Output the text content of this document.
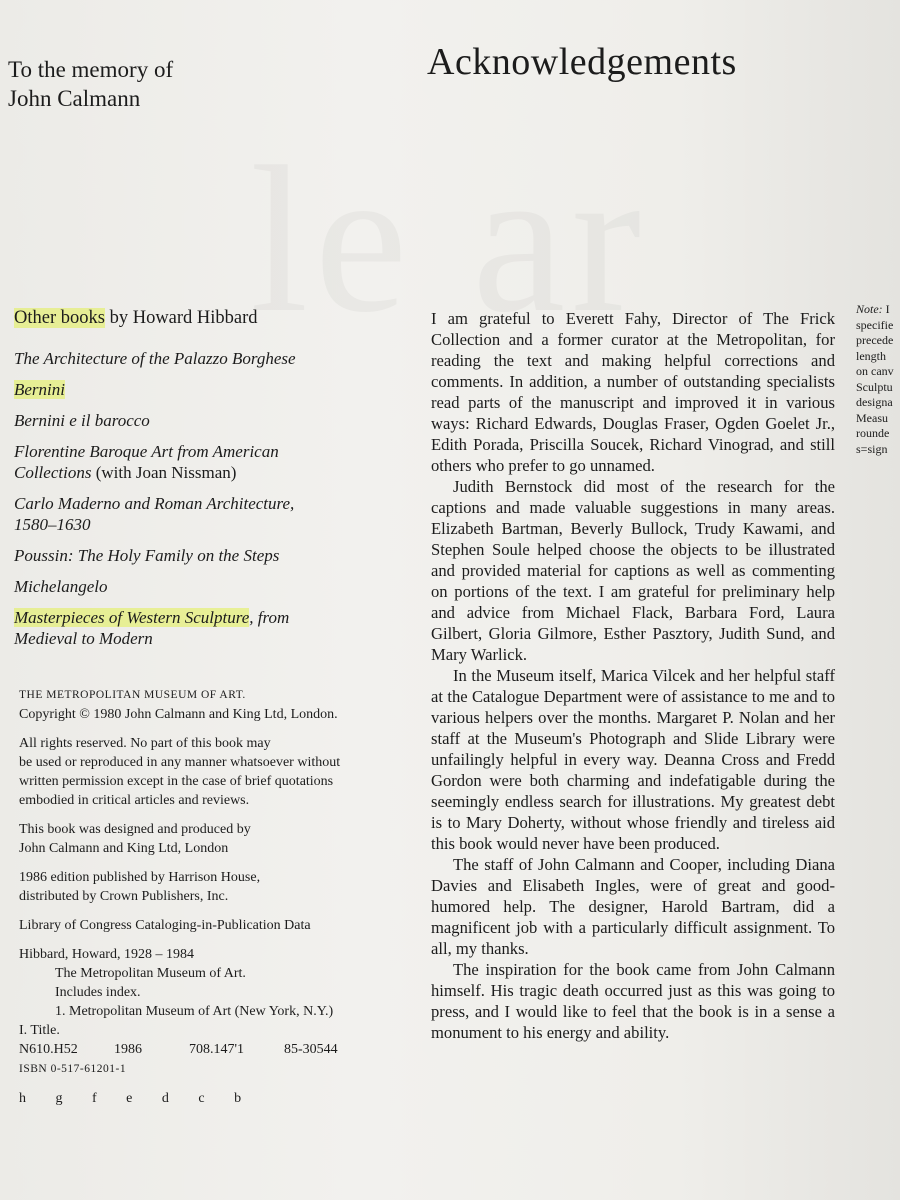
To the memory of
John Calmann
Acknowledgements
Other books by Howard Hibbard
The Architecture of the Palazzo Borghese
Bernini
Bernini e il barocco
Florentine Baroque Art from American
Collections (with Joan Nissman)
Carlo Maderno and Roman Architecture,
1580–1630
Poussin: The Holy Family on the Steps
Michelangelo
Masterpieces of Western Sculpture, from
Medieval to Modern

THE METROPOLITAN MUSEUM OF ART.
Copyright © 1980 John Calmann and King Ltd, London.

All rights reserved. No part of this book may
be used or reproduced in any manner whatsoever without
written permission except in the case of brief quotations
embodied in critical articles and reviews.

This book was designed and produced by
John Calmann and King Ltd, London

1986 edition published by Harrison House,
distributed by Crown Publishers, Inc.

Library of Congress Cataloging-in-Publication Data

Hibbard, Howard, 1928 – 1984
The Metropolitan Museum of Art.
Includes index.
1. Metropolitan Museum of Art (New York, N.Y.)
I. Title.
N610.H52	1986	708.147'1	85-30544
ISBN 0-517-61201-1

h g f e d c b

I am grateful to Everett Fahy, Director of The Frick Collection and a former curator at the Metropolitan, for reading the text and making helpful corrections and comments. In addition, a number of outstanding specialists read parts of the manuscript and improved it in various ways: Richard Edwards, Douglas Fraser, Ogden Goelet Jr., Edith Porada, Priscilla Soucek, Richard Vinograd, and still others who prefer to go unnamed.

Judith Bernstock did most of the research for the captions and made valuable suggestions in many areas. Elizabeth Bartman, Beverly Bullock, Trudy Kawami, and Stephen Soule helped choose the objects to be illustrated and provided material for captions as well as commenting on portions of the text. I am grateful for preliminary help and advice from Michael Flack, Barbara Ford, Laura Gilbert, Gloria Gilmore, Esther Pasztory, Judith Sund, and Mary Warlick.

In the Museum itself, Marica Vilcek and her helpful staff at the Catalogue Department were of assistance to me and to various helpers over the months. Margaret P. Nolan and her staff at the Museum's Photograph and Slide Library were unfailingly helpful in every way. Deanna Cross and Fredd Gordon were both charming and indefatigable during the seemingly endless search for illustrations. My greatest debt is to Mary Doherty, without whose friendly and tireless aid this book would never have been produced.

The staff of John Calmann and Cooper, including Diana Davies and Elisabeth Ingles, were of great and good-humored help. The designer, Harold Bartram, did a magnificent job with a particularly difficult assignment. To all, my thanks.

The inspiration for the book came from John Calmann himself. His tragic death occurred just as this was going to press, and I would like to feel that the book is in a sense a monument to his energy and ability.

Note: I
specifie
precede
length
on canv
Sculptu
designa
Measu
rounde
s=sign
